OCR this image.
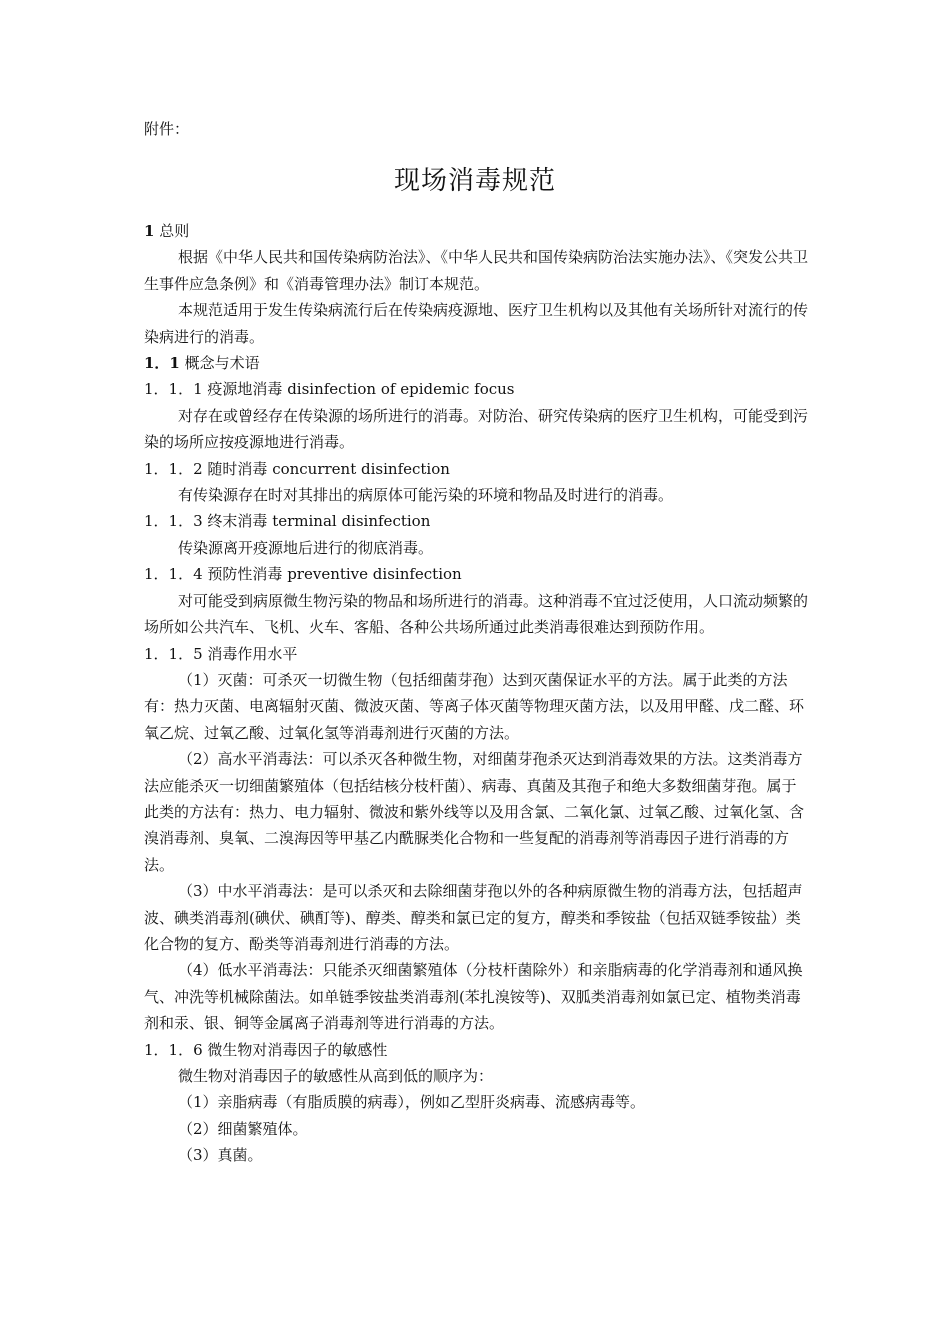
附件：
现场消毒规范

1 总则

根据《中华人民共和国传染病防治法》、《中华人民共和国传染病防治法实施办法》、《突发公共卫生事件应急条例》和《消毒管理办法》制订本规范。

本规范适用于发生传染病流行后在传染病疫源地、医疗卫生机构以及其他有关场所针对流行的传染病进行的消毒。

1．1 概念与术语

1．1．1 疫源地消毒 disinfection of epidemic focus

对存在或曾经存在传染源的场所进行的消毒。对防治、研究传染病的医疗卫生机构，可能受到污染的场所应按疫源地进行消毒。

1．1．2 随时消毒 concurrent disinfection

有传染源存在时对其排出的病原体可能污染的环境和物品及时进行的消毒。

1．1．3 终末消毒 terminal disinfection

传染源离开疫源地后进行的彻底消毒。

1．1．4 预防性消毒 preventive disinfection

对可能受到病原微生物污染的物品和场所进行的消毒。这种消毒不宜过泛使用，人口流动频繁的场所如公共汽车、飞机、火车、客船、各种公共场所通过此类消毒很难达到预防作用。

1．1．5 消毒作用水平

（1）灭菌：可杀灭一切微生物（包括细菌芽孢）达到灭菌保证水平的方法。属于此类的方法有：热力灭菌、电离辐射灭菌、微波灭菌、等离子体灭菌等物理灭菌方法，以及用甲醛、戊二醛、环氧乙烷、过氧乙酸、过氧化氢等消毒剂进行灭菌的方法。

（2）高水平消毒法：可以杀灭各种微生物，对细菌芽孢杀灭达到消毒效果的方法。这类消毒方法应能杀灭一切细菌繁殖体（包括结核分枝杆菌）、病毒、真菌及其孢子和绝大多数细菌芽孢。属于此类的方法有：热力、电力辐射、微波和紫外线等以及用含氯、二氧化氯、过氧乙酸、过氧化氢、含溴消毒剂、臭氧、二溴海因等甲基乙内酰脲类化合物和一些复配的消毒剂等消毒因子进行消毒的方法。

（3）中水平消毒法：是可以杀灭和去除细菌芽孢以外的各种病原微生物的消毒方法，包括超声波、碘类消毒剂(碘伏、碘酊等)、醇类、醇类和氯已定的复方，醇类和季铵盐（包括双链季铵盐）类化合物的复方、酚类等消毒剂进行消毒的方法。

（4）低水平消毒法：只能杀灭细菌繁殖体（分枝杆菌除外）和亲脂病毒的化学消毒剂和通风换气、冲洗等机械除菌法。如单链季铵盐类消毒剂(苯扎溴铵等)、双胍类消毒剂如氯已定、植物类消毒剂和汞、银、铜等金属离子消毒剂等进行消毒的方法。

1．1．6 微生物对消毒因子的敏感性

微生物对消毒因子的敏感性从高到低的顺序为：

（1）亲脂病毒（有脂质膜的病毒），例如乙型肝炎病毒、流感病毒等。

（2）细菌繁殖体。

（3）真菌。
